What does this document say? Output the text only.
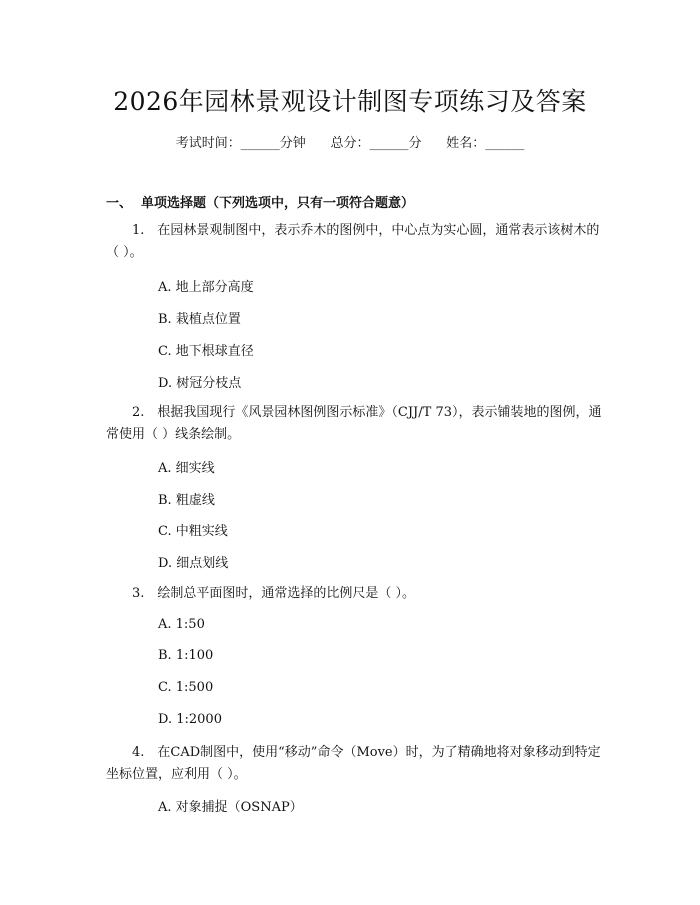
2026年园林景观设计制图专项练习及答案
考试时间：______分钟      总分：______分      姓名：______
一、  单项选择题（下列选项中，只有一项符合题意）
1.　在园林景观制图中，表示乔木的图例中，中心点为实心圆，通常表示该树木的（ ）。
A. 地上部分高度
B. 栽植点位置
C. 地下根球直径
D. 树冠分枝点
2.　根据我国现行《风景园林图例图示标准》（CJJ/T 73），表示铺装地的图例，通常使用（ ）线条绘制。
A. 细实线
B. 粗虚线
C. 中粗实线
D. 细点划线
3.　绘制总平面图时，通常选择的比例尺是（ ）。
A. 1:50
B. 1:100
C. 1:500
D. 1:2000
4.　在CAD制图中，使用“移动”命令（Move）时，为了精确地将对象移动到特定坐标位置，应利用（ ）。
A. 对象捕捉（OSNAP）
